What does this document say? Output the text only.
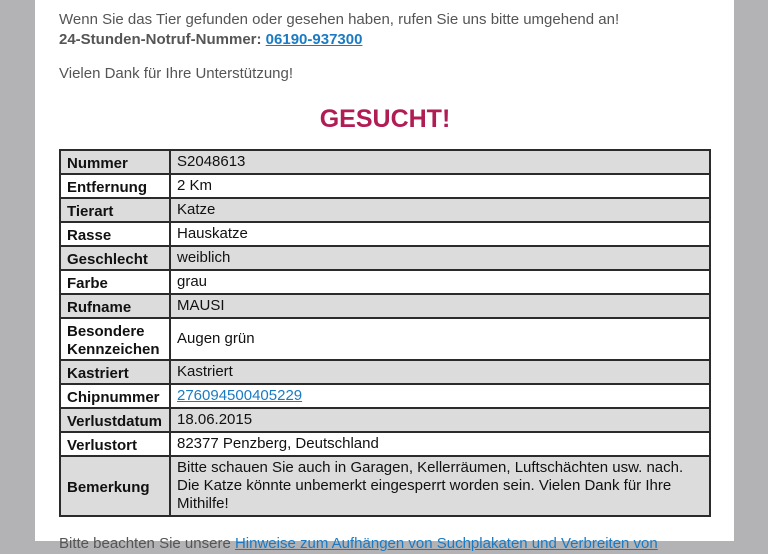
Wenn Sie das Tier gefunden oder gesehen haben, rufen Sie uns bitte umgehend an!
24-Stunden-Notruf-Nummer: 06190-937300
Vielen Dank für Ihre Unterstützung!
GESUCHT!
Nummer	S2048613
Entfernung	2 Km
Tierart	Katze
Rasse	Hauskatze
Geschlecht	weiblich
Farbe	grau
Rufname	MAUSI
Besondere Kennzeichen	Augen grün
Kastriert	Kastriert
Chipnummer	276094500405229
Verlustdatum	18.06.2015
Verlustort	82377 Penzberg, Deutschland
Bemerkung	Bitte schauen Sie auch in Garagen, Kellerräumen, Luftschächten usw. nach. Die Katze könnte unbemerkt eingesperrt worden sein. Vielen Dank für Ihre Mithilfe!
Bitte beachten Sie unsere Hinweise zum Aufhängen von Suchplakaten und Verbreiten von
